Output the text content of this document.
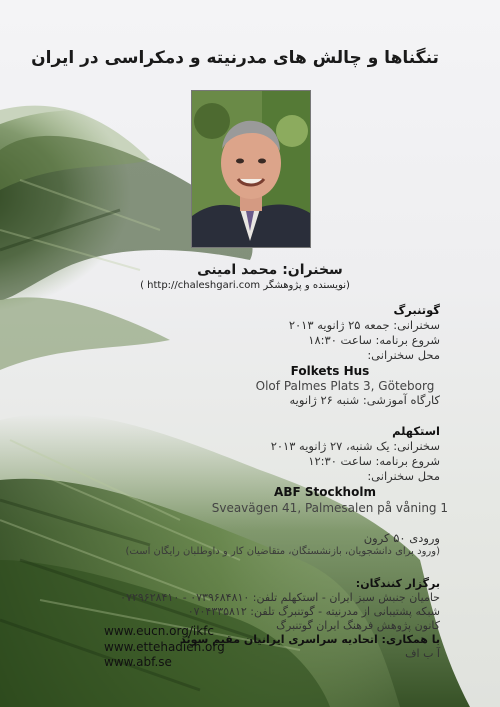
تنگناها و چالش های مدرنیته و دمکراسی در ایران
سخنران: محمد امینی
(نویسنده و پژوهشگر http://chaleshgari.com )
گوتنبرگ
سخنرانی: جمعه ۲۵ ژانویه ۲۰۱۳
شروع برنامه: ساعت ۱۸:۳۰
محل سخنرانی:
Folkets Hus
Olof Palmes Plats 3, Göteborg
کارگاه آموزشی: شنبه ۲۶ ژانویه
استکهلم
سخنرانی: یک شنبه، ۲۷ ژانویه ۲۰۱۳
شروع برنامه: ساعت ۱۲:۳۰
محل سخنرانی:
ABF Stockholm
Sveavägen 41, Palmesalen på våning 1
ورودی ۵۰ کرون
(ورود برای دانشجویان، بازنشستگان، متقاضیان کار و داوطلبان رایگان است)
برگزار کنندگان:
حامیان جنبش سبز ایران - استکهلم تلفن: ۰۷۳۹۶۸۴۸۱۰ - ۰۷۲۹۶۲۸۴۱۰
شبکه پشتیبانی از مدرنیته - گوتنبرگ تلفن: ۰۷۰۴۳۳۵۸۱۲
کانون پژوهش فرهنگ ایران گوتنبرگ
با همکاری: اتحادیه سراسری ایرانیان مقیم سوئد
آ ب اف
www.eucn.org/ikfc
www.ettehadieh.org
www.abf.se
